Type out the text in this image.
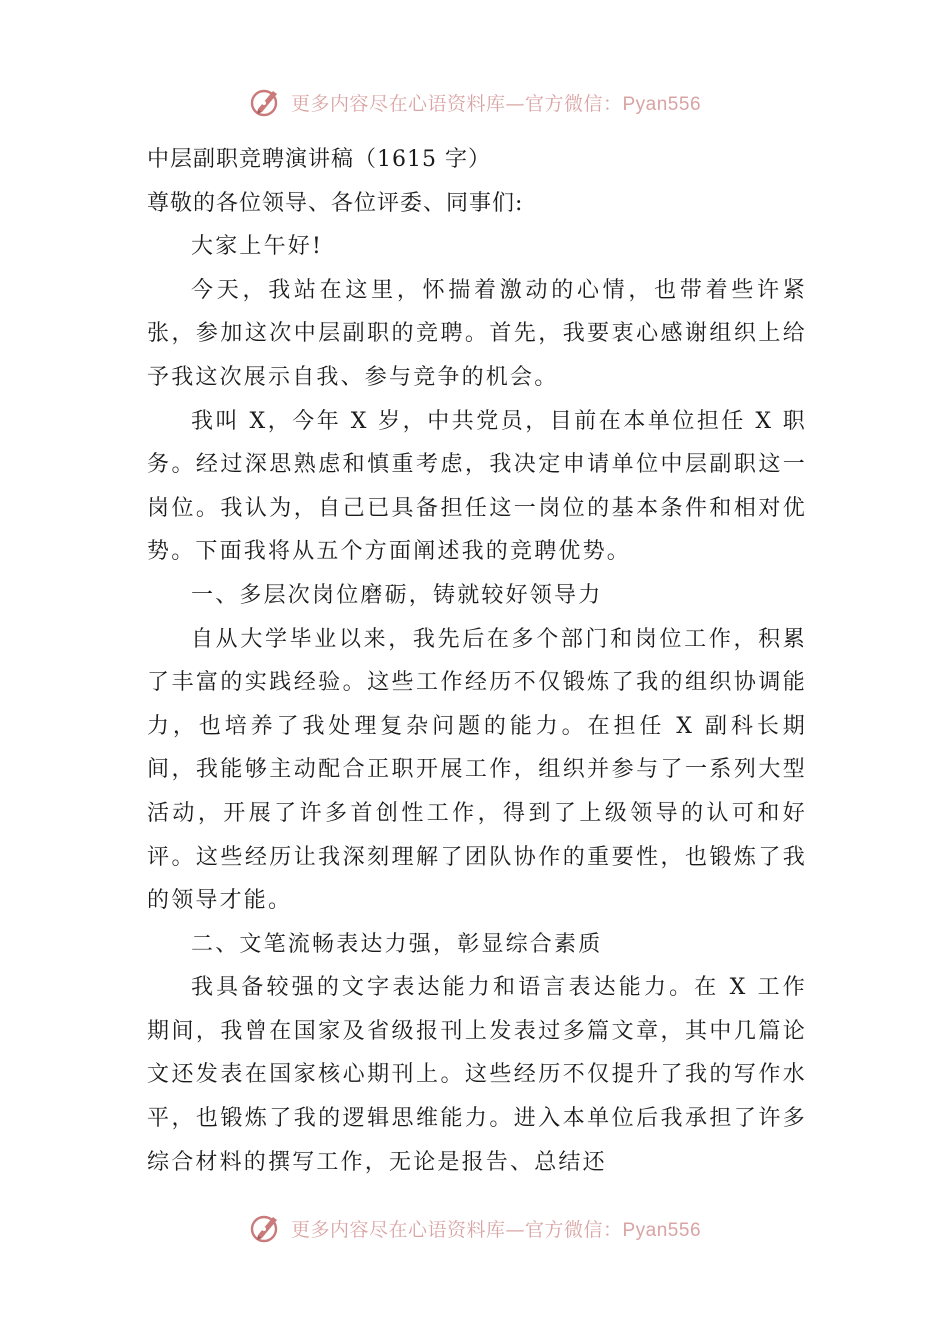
更多内容尽在心语资料库—官方微信：Pyan556
中层副职竞聘演讲稿（1615 字）
尊敬的各位领导、各位评委、同事们:

大家上午好!

今天，我站在这里，怀揣着激动的心情，也带着些许紧张，参加这次中层副职的竞聘。首先，我要衷心感谢组织上给予我这次展示自我、参与竞争的机会。

我叫 X，今年 X 岁，中共党员，目前在本单位担任 X 职务。经过深思熟虑和慎重考虑，我决定申请单位中层副职这一岗位。我认为，自己已具备担任这一岗位的基本条件和相对优势。下面我将从五个方面阐述我的竞聘优势。

一、多层次岗位磨砺，铸就较好领导力

自从大学毕业以来，我先后在多个部门和岗位工作，积累了丰富的实践经验。这些工作经历不仅锻炼了我的组织协调能力，也培养了我处理复杂问题的能力。在担任 X 副科长期间，我能够主动配合正职开展工作，组织并参与了一系列大型活动，开展了许多首创性工作，得到了上级领导的认可和好评。这些经历让我深刻理解了团队协作的重要性，也锻炼了我的领导才能。

二、文笔流畅表达力强，彰显综合素质

我具备较强的文字表达能力和语言表达能力。在 X 工作期间，我曾在国家及省级报刊上发表过多篇文章，其中几篇论文还发表在国家核心期刊上。这些经历不仅提升了我的写作水平，也锻炼了我的逻辑思维能力。进入本单位后我承担了许多综合材料的撰写工作，无论是报告、总结还

更多内容尽在心语资料库—官方微信：Pyan556
